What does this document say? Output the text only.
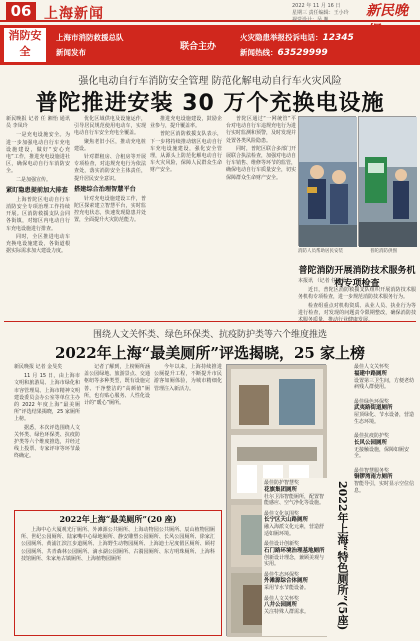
06 上海新闻	2022 年 11 月 16 日
星期三 责任编辑：王小玲
视觉设计：吴 胤
新民晚
消防安全
上海市消防救援总队
新闻发布
联合主办
火灾隐患举报投诉电话：12345
新闻热线：63529999
强化电动自行车消防安全管理 防范化解电动自行车火灾风险
普陀推进安装 30 万个充换电设施
新民晚报 记者 任 湘怡 通讯员 李凤玲

一是充电设施安全。为进一步加强电动自行车充电设施建设，做好“安心充电”工作，推进充电设施进社区，确保电动自行车消防安全。

二是加强宣传。

紧盯隐患提前加大排查

上海普陀区电动自行车消防安全专项治理工作持续开展。区消防救援支队会同各街镇，对辖区内电动自行车充电设施进行排查。

同时，全区推进电动车充换电设施建设，各街道根据实际需求加大建设力度。

优化区域供电及设施运作，引导居民规范使用电动车，实现电动自行车安全充电全覆盖。

聚焦老旧小区，推动充电桩建设。

针对群租房、合租房等开展专项检查，对违规充电行为依法查处，落实消防安全主体责任，提升居民安全意识。

搭建综合治理智慧平台

针对充电设施建设工作，普陀区探索建立智慧平台，实时监控充电状态，快速发现隐患并处置，全面提升火灾防范能力。

推进充电设施建设，鼓励企业参与，提升覆盖率。

普陀区消防救援支队表示，下一步将持续推动辖区电动自行车充电设施建设，强化安全管理，从源头上防范化解电动自行车火灾风险，保障人民群众生命财产安全。

普陀区通过“一网统管”平台对电动自行车违规充电行为进行实时监测和预警，及时发现并处置各类风险隐患。

同时，普陀区联合多部门开展联合执法检查，加强对电动自行车销售、维修等环节的监管，确保电动自行车质量安全，切实保障群众生命财产安全。

消防人员帮助居民安装	普陀消防供图
普陀消防开展消防技术服务机构专项检查
本报讯 （记者 任湘怡）

近日，普陀区消防救援支队组织开展消防技术服务机构专项检查，进一步规范消防技术服务行为。

检查组重点对机构资质、从业人员、执业行为等进行检查，对发现的问题责令限期整改，确保消防技

围绕人文关怀类、绿色环保类、抗疫防护类等六个维度推选
2022年上海“最美厕所”评选揭晓，25 家上榜
新民晚报 记者 金旻矣

11 月 15 日，由上海市文明和旅游局、上海市绿化和市容管理局、上海市精神文明建设委员会办公室等单位主办的 2022 年度上海“最美厕所”评选结果揭晓，25 家厕所上榜。

据悉，本次评选围绕人文关怀类、绿色环保类、抗疫防护类等六个维度推选，并经过线上投票、专家评审等环节最终确定。

记者了解到，上榜厕所涵盖公园绿地、旅游景点、交通枢纽等多种类型，既有设施完善、干净整洁的“高颜值”厕所，也有贴心服务、人性化设计的“暖心”厕所。

今年以来，上海持续推进公厕提升工程，不断提升市民游客如厕体验，为城市精细化管理注入新活力。

2022年上海“特色厕所”(5座)
最佳人文关怀奖
福建中路厕所
设置第三卫生间，方便老幼病残人群使用。
最佳绿色环保奖
武夷路街道厕所
屋顶绿化、节水设备，营造生态环境。
最佳抗疫防护奖
长风公园厕所
无接触设施，保障如厕安全。
最佳智慧服务奖
铜锣湾南方厕所
智能导引，实时显示空位信息。
2022年上海“最美厕所”(20 座)

上海中心大厦观光厅厕所、外滩源公共厕所、上海动物园公共厕所、辰山植物园厕所、世纪公园厕所、陆家嘴中心绿地厕所、静安雕塑公园厕所、长风公园厕所、徐家汇公园厕所、黄浦江滨江步道厕所、上海野生动物园厕所、上海迪士尼度假区厕所、顾村公园厕所、共青森林公园厕所、滴水湖公园厕所、古漪园厕所、东方明珠厕所、上海科技馆厕所、朱家角古镇厕所、上海植物园厕所

最佳防护智慧奖
花旗集团厕所
杜尔卫浴智能厕所，配置智能感应、空气净化等设施。
最佳文化氛围奖
长宁区天山路厕所
融入海派文化元素，营造舒适如厕环境。
最佳设计创新奖
石门路环境治理基地厕所
创新设计理念，兼顾美观与实用。
最佳生态环保奖
外滩源综合体厕所
采用节水节能设备。
最佳人文关怀奖
八井公园厕所
关注特殊人群需求。
